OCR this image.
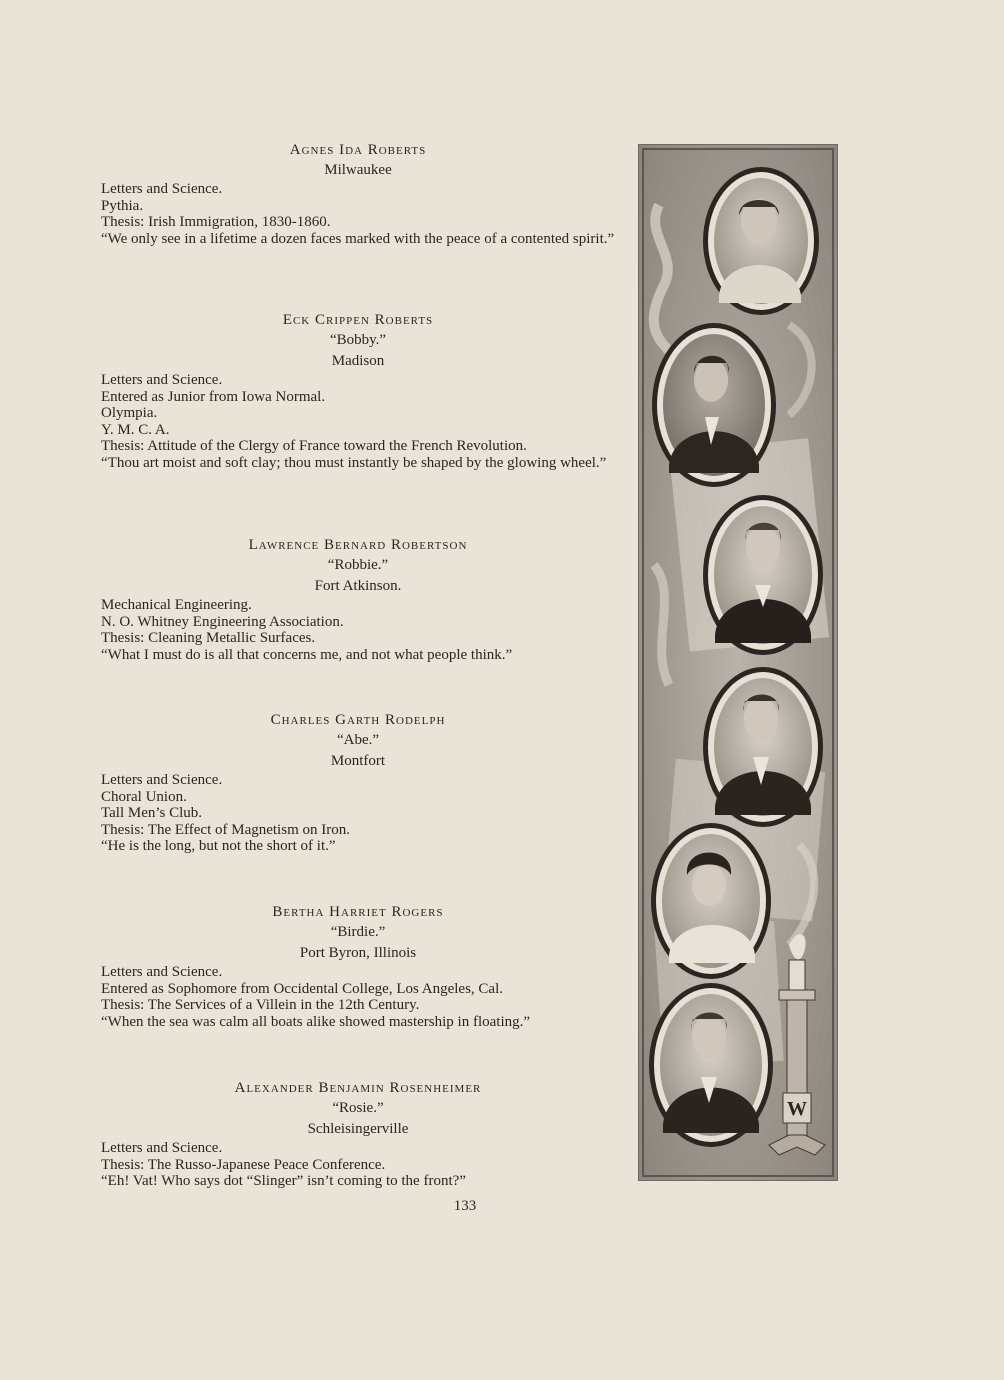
Agnes Ida Roberts
Milwaukee
Letters and Science.
Pythia.
Thesis: Irish Immigration, 1830-1860.
“We only see in a lifetime a dozen faces marked with the peace of a contented spirit.”
Eck Crippen Roberts
“Bobby.”
Madison
Letters and Science.
Entered as Junior from Iowa Normal.
Olympia.
Y. M. C. A.
Thesis: Attitude of the Clergy of France toward the French Revolution.
“Thou art moist and soft clay; thou must instantly be shaped by the glowing wheel.”
Lawrence Bernard Robertson
“Robbie.”
Fort Atkinson.
Mechanical Engineering.
N. O. Whitney Engineering Association.
Thesis: Cleaning Metallic Surfaces.
“What I must do is all that concerns me, and not what people think.”
Charles Garth Rodelph
“Abe.”
Montfort
Letters and Science.
Choral Union.
Tall Men’s Club.
Thesis: The Effect of Magnetism on Iron.
“He is the long, but not the short of it.”
Bertha Harriet Rogers
“Birdie.”
Port Byron, Illinois
Letters and Science.
Entered as Sophomore from Occidental College, Los Angeles, Cal.
Thesis: The Services of a Villein in the 12th Century.
“When the sea was calm all boats alike showed mastership in floating.”
Alexander Benjamin Rosenheimer
“Rosie.”
Schleisingerville
Letters and Science.
Thesis: The Russo-Japanese Peace Conference.
“Eh! Vat! Who says dot “Slinger” isn’t coming to the front?”
133
W
